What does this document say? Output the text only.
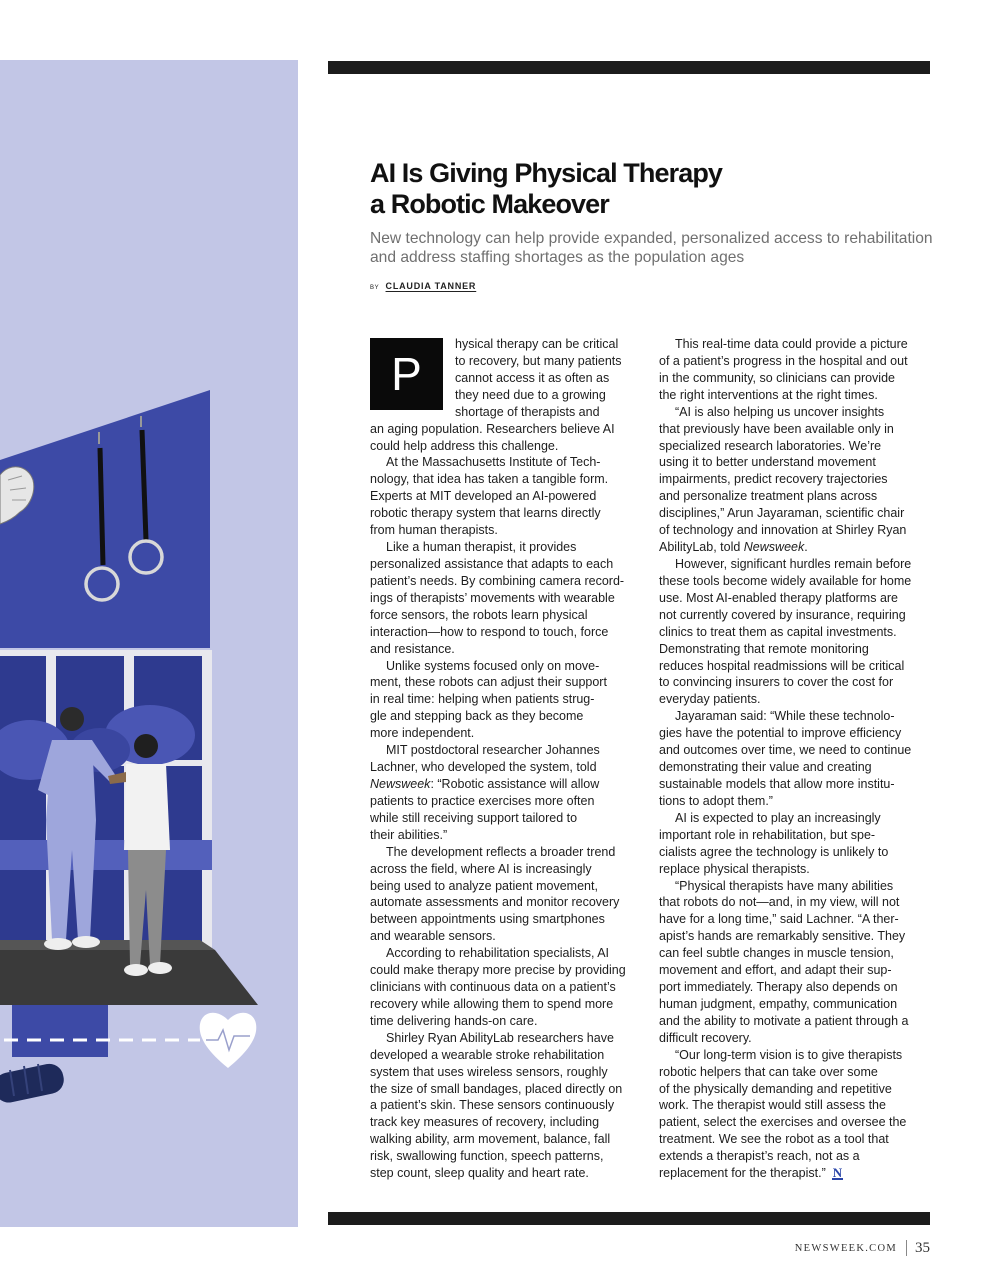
AI Is Giving Physical Therapy
a Robotic Makeover

New technology can help provide expanded, personalized access to rehabilitation
and address staffing shortages as the population ages

BY CLAUDIA TANNER

P
hysical therapy can be critical
to recovery, but many patients
cannot access it as often as
they need due to a growing
shortage of therapists and
an aging population. Researchers believe AI
could help address this challenge.
At the Massachusetts Institute of Tech-
nology, that idea has taken a tangible form.
Experts at MIT developed an AI-powered
robotic therapy system that learns directly
from human therapists.
Like a human therapist, it provides
personalized assistance that adapts to each
patient’s needs. By combining camera record-
ings of therapists’ movements with wearable
force sensors, the robots learn physical
interaction—how to respond to touch, force
and resistance.
Unlike systems focused only on move-
ment, these robots can adjust their support
in real time: helping when patients strug-
gle and stepping back as they become
more independent.
MIT postdoctoral researcher Johannes
Lachner, who developed the system, told
Newsweek: “Robotic assistance will allow
patients to practice exercises more often
while still receiving support tailored to
their abilities.”
The development reflects a broader trend
across the field, where AI is increasingly
being used to analyze patient movement,
automate assessments and monitor recovery
between appointments using smartphones
and wearable sensors.
According to rehabilitation specialists, AI
could make therapy more precise by providing
clinicians with continuous data on a patient’s
recovery while allowing them to spend more
time delivering hands-on care.
Shirley Ryan AbilityLab researchers have
developed a wearable stroke rehabilitation
system that uses wireless sensors, roughly
the size of small bandages, placed directly on
a patient’s skin. These sensors continuously
track key measures of recovery, including
walking ability, arm movement, balance, fall
risk, swallowing function, speech patterns,
step count, sleep quality and heart rate.
This real-time data could provide a picture
of a patient’s progress in the hospital and out
in the community, so clinicians can provide
the right interventions at the right times.
“AI is also helping us uncover insights
that previously have been available only in
specialized research laboratories. We’re
using it to better understand movement
impairments, predict recovery trajectories
and personalize treatment plans across
disciplines,” Arun Jayaraman, scientific chair
of technology and innovation at Shirley Ryan
AbilityLab, told Newsweek.
However, significant hurdles remain before
these tools become widely available for home
use. Most AI-enabled therapy platforms are
not currently covered by insurance, requiring
clinics to treat them as capital investments.
Demonstrating that remote monitoring
reduces hospital readmissions will be critical
to convincing insurers to cover the cost for
everyday patients.
Jayaraman said: “While these technolo-
gies have the potential to improve efficiency
and outcomes over time, we need to continue
demonstrating their value and creating
sustainable models that allow more institu-
tions to adopt them.”
AI is expected to play an increasingly
important role in rehabilitation, but spe-
cialists agree the technology is unlikely to
replace physical therapists.
“Physical therapists have many abilities
that robots do not—and, in my view, will not
have for a long time,” said Lachner. “A ther-
apist’s hands are remarkably sensitive. They
can feel subtle changes in muscle tension,
movement and effort, and adapt their sup-
port immediately. Therapy also depends on
human judgment, empathy, communication
and the ability to motivate a patient through a
difficult recovery.
“Our long-term vision is to give therapists
robotic helpers that can take over some
of the physically demanding and repetitive
work. The therapist would still assess the
patient, select the exercises and oversee the
treatment. We see the robot as a tool that
extends a therapist’s reach, not as a
replacement for the therapist.” N
NEWSWEEK.COM 35
